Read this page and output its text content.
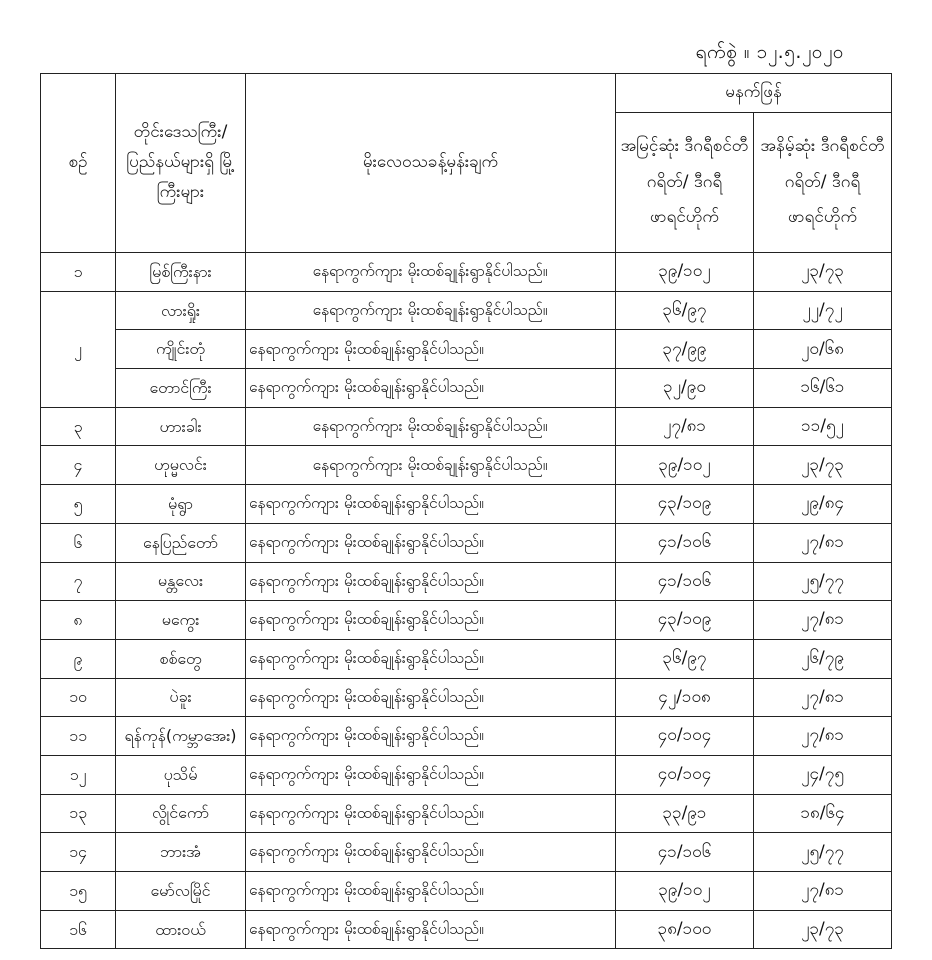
ရက်စွဲ ။ ၁၂.၅.၂၀၂၀
စဉ်	တိုင်းဒေသကြီး/ ပြည်နယ်များရှိ မြို့ကြီးများ	မိုးလေဝသခန့်မှန်းချက်	မနက်ဖြန်	
			အမြင့်ဆုံး ဒီဂရီစင်တီဂရိတ်/ ဒီဂရီဖာရင်ဟိုက်	အနိမ့်ဆုံး ဒီဂရီစင်တီဂရိတ်/ ဒီဂရီဖာရင်ဟိုက်
၁	မြစ်ကြီးနား	နေရာကွက်ကျား မိုးထစ်ချုန်းရွာနိုင်ပါသည်။	၃၉/၁၀၂	၂၃/၇၃
၂	လားရှိုး	နေရာကွက်ကျား မိုးထစ်ချုန်းရွာနိုင်ပါသည်။	၃၆/၉၇	၂၂/၇၂
	ကျိုင်းတုံ	နေရာကွက်ကျား မိုးထစ်ချုန်းရွာနိုင်ပါသည်။	၃၇/၉၉	၂၀/၆၈
	တောင်ကြီး	နေရာကွက်ကျား မိုးထစ်ချုန်းရွာနိုင်ပါသည်။	၃၂/၉၀	၁၆/၆၁
၃	ဟားခါး	နေရာကွက်ကျား မိုးထစ်ချုန်းရွာနိုင်ပါသည်။	၂၇/၈၁	၁၁/၅၂
၄	ဟုမ္မလင်း	နေရာကွက်ကျား မိုးထစ်ချုန်းရွာနိုင်ပါသည်။	၃၉/၁၀၂	၂၃/၇၃
၅	မုံရွာ	နေရာကွက်ကျား မိုးထစ်ချုန်းရွာနိုင်ပါသည်။	၄၃/၁၀၉	၂၉/၈၄
၆	နေပြည်တော်	နေရာကွက်ကျား မိုးထစ်ချုန်းရွာနိုင်ပါသည်။	၄၁/၁၀၆	၂၇/၈၁
၇	မန္တလေး	နေရာကွက်ကျား မိုးထစ်ချုန်းရွာနိုင်ပါသည်။	၄၁/၁၀၆	၂၅/၇၇
၈	မကွေး	နေရာကွက်ကျား မိုးထစ်ချုန်းရွာနိုင်ပါသည်။	၄၃/၁၀၉	၂၇/၈၁
၉	စစ်တွေ	နေရာကွက်ကျား မိုးထစ်ချုန်းရွာနိုင်ပါသည်။	၃၆/၉၇	၂၆/၇၉
၁၀	ပဲခူး	နေရာကွက်ကျား မိုးထစ်ချုန်းရွာနိုင်ပါသည်။	၄၂/၁၀၈	၂၇/၈၁
၁၁	ရန်ကုန်(ကမ္ဘာအေး)	နေရာကွက်ကျား မိုးထစ်ချုန်းရွာနိုင်ပါသည်။	၄၀/၁၀၄	၂၇/၈၁
၁၂	ပုသိမ်	နေရာကွက်ကျား မိုးထစ်ချုန်းရွာနိုင်ပါသည်။	၄၀/၁၀၄	၂၄/၇၅
၁၃	လွိုင်ကော်	နေရာကွက်ကျား မိုးထစ်ချုန်းရွာနိုင်ပါသည်။	၃၃/၉၁	၁၈/၆၄
၁၄	ဘားအံ	နေရာကွက်ကျား မိုးထစ်ချုန်းရွာနိုင်ပါသည်။	၄၁/၁၀၆	၂၅/၇၇
၁၅	မော်လမြိုင်	နေရာကွက်ကျား မိုးထစ်ချုန်းရွာနိုင်ပါသည်။	၃၉/၁၀၂	၂၇/၈၁
၁၆	ထားဝယ်	နေရာကွက်ကျား မိုးထစ်ချုန်းရွာနိုင်ပါသည်။	၃၈/၁၀၀	၂၃/၇၃
